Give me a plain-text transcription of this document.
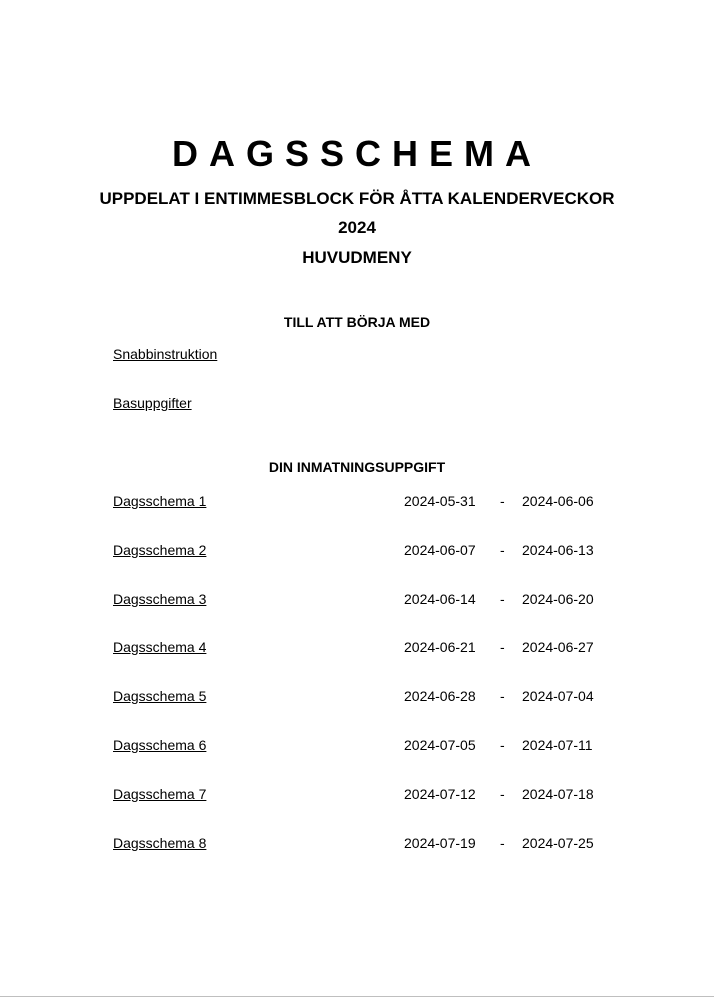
DAGSSCHEMA
UPPDELAT I ENTIMMESBLOCK FÖR ÅTTA KALENDERVECKOR
2024
HUVUDMENY
TILL ATT BÖRJA MED
Snabbinstruktion
Basuppgifter
DIN INMATNINGSUPPGIFT
Dagsschema 1	2024-05-31 - 2024-06-06
Dagsschema 2	2024-06-07 - 2024-06-13
Dagsschema 3	2024-06-14 - 2024-06-20
Dagsschema 4	2024-06-21 - 2024-06-27
Dagsschema 5	2024-06-28 - 2024-07-04
Dagsschema 6	2024-07-05 - 2024-07-11
Dagsschema 7	2024-07-12 - 2024-07-18
Dagsschema 8	2024-07-19 - 2024-07-25
